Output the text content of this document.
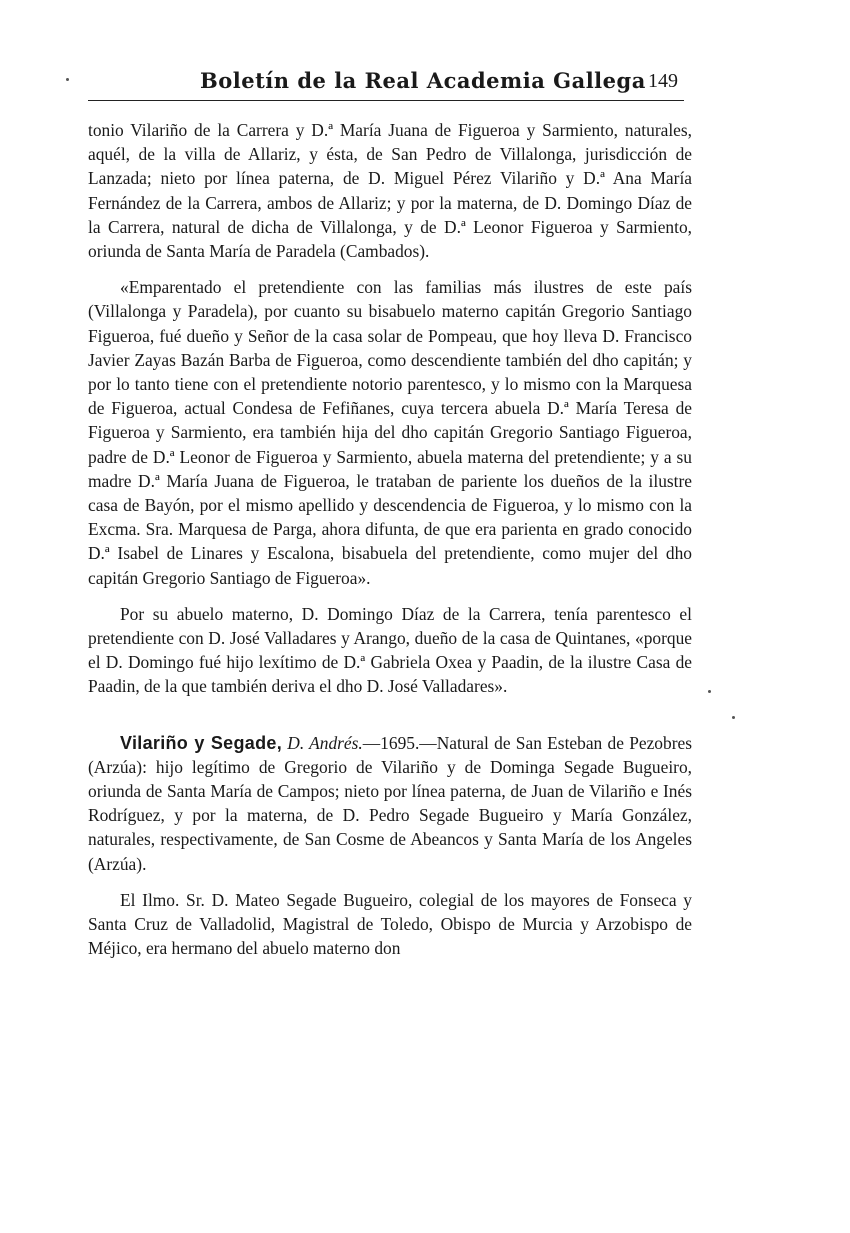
Boletín de la Real Academia Gallega 149

tonio Vilariño de la Carrera y D.ª María Juana de Figueroa y Sarmiento, naturales, aquél, de la villa de Allariz, y ésta, de San Pedro de Villalonga, jurisdicción de Lanzada; nieto por línea paterna, de D. Miguel Pérez Vilariño y D.ª Ana María Fernández de la Carrera, ambos de Allariz; y por la materna, de D. Domingo Díaz de la Carrera, natural de dicha de Villalonga, y de D.ª Leonor Figueroa y Sarmiento, oriunda de Santa María de Paradela (Cambados).

«Emparentado el pretendiente con las familias más ilustres de este país (Villalonga y Paradela), por cuanto su bisabuelo materno capitán Gregorio Santiago Figueroa, fué dueño y Señor de la casa solar de Pompeau, que hoy lleva D. Francisco Javier Zayas Bazán Barba de Figueroa, como descendiente también del dho capitán; y por lo tanto tiene con el pretendiente notorio parentesco, y lo mismo con la Marquesa de Figueroa, actual Condesa de Fefiñanes, cuya tercera abuela D.ª María Teresa de Figueroa y Sarmiento, era también hija del dho capitán Gregorio Santiago Figueroa, padre de D.ª Leonor de Figueroa y Sarmiento, abuela materna del pretendiente; y a su madre D.ª María Juana de Figueroa, le trataban de pariente los dueños de la ilustre casa de Bayón, por el mismo apellido y descendencia de Figueroa, y lo mismo con la Excma. Sra. Marquesa de Parga, ahora difunta, de que era parienta en grado conocido D.ª Isabel de Linares y Escalona, bisabuela del pretendiente, como mujer del dho capitán Gregorio Santiago de Figueroa».

Por su abuelo materno, D. Domingo Díaz de la Carrera, tenía parentesco el pretendiente con D. José Valladares y Arango, dueño de la casa de Quintanes, «porque el D. Domingo fué hijo lexítimo de D.ª Gabriela Oxea y Paadin, de la ilustre Casa de Paadin, de la que también deriva el dho D. José Valladares».

Vilariño y Segade, D. Andrés.—1695.—Natural de San Esteban de Pezobres (Arzúa): hijo legítimo de Gregorio de Vilariño y de Dominga Segade Bugueiro, oriunda de Santa María de Campos; nieto por línea paterna, de Juan de Vilariño e Inés Rodríguez, y por la materna, de D. Pedro Segade Bugueiro y María González, naturales, respectivamente, de San Cosme de Abeancos y Santa María de los Angeles (Arzúa).

El Ilmo. Sr. D. Mateo Segade Bugueiro, colegial de los mayores de Fonseca y Santa Cruz de Valladolid, Magistral de Toledo, Obispo de Murcia y Arzobispo de Méjico, era hermano del abuelo materno don
